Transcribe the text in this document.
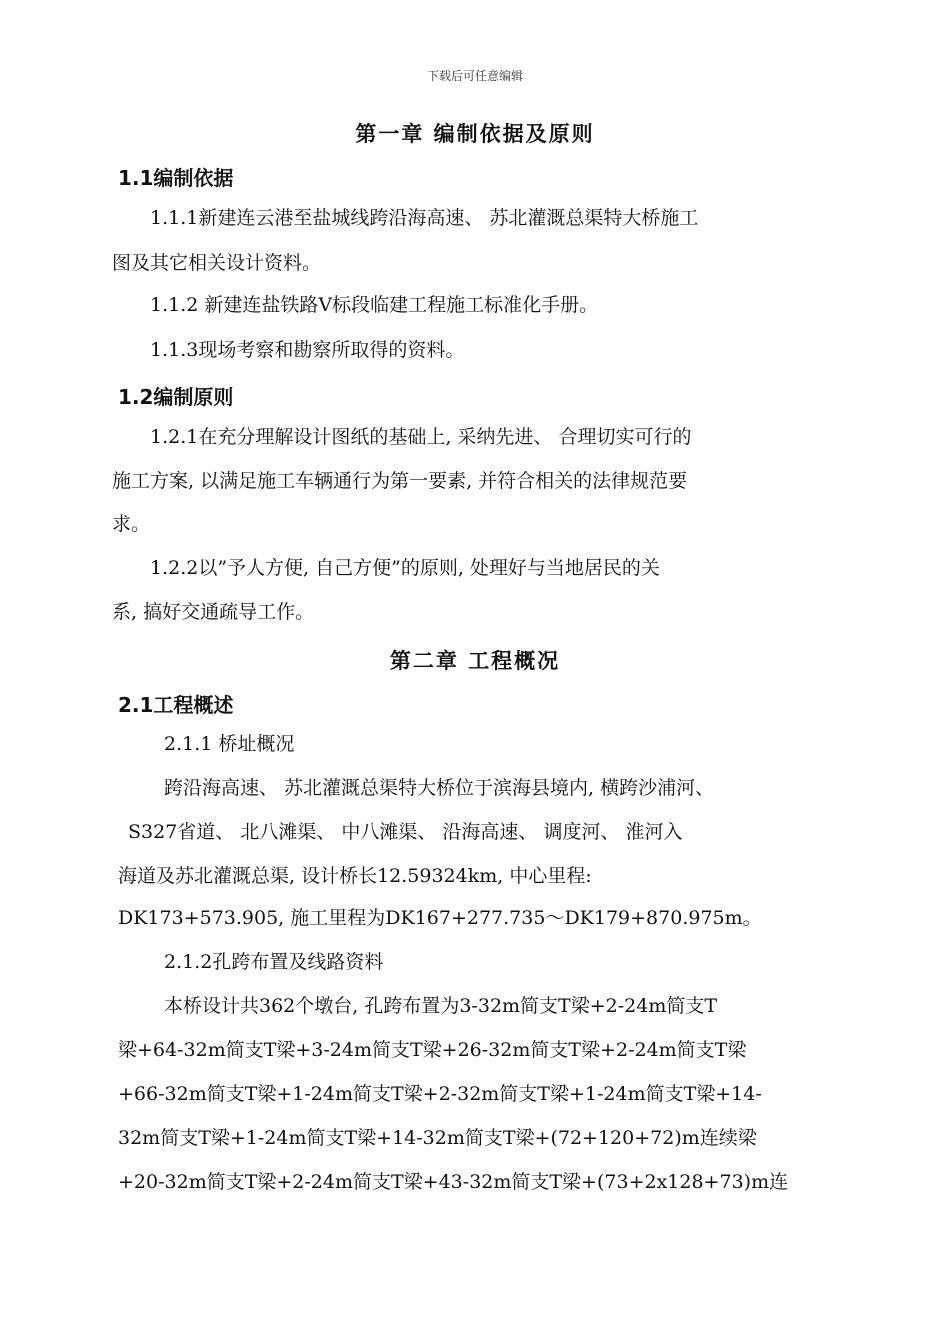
下载后可任意编辑
第一章 编制依据及原则
1.1编制依据
1.1.1新建连云港至盐城线跨沿海高速、 苏北灌溉总渠特大桥施工
图及其它相关设计资料。
1.1.2 新建连盐铁路Ⅴ标段临建工程施工标准化手册。
1.1.3现场考察和勘察所取得的资料。
1.2编制原则
1.2.1在充分理解设计图纸的基础上, 采纳先进、 合理切实可行的
施工方案, 以满足施工车辆通行为第一要素, 并符合相关的法律规范要
求。
1.2.2以”予人方便, 自己方便”的原则, 处理好与当地居民的关
系, 搞好交通疏导工作。
第二章 工程概况
2.1工程概述
2.1.1 桥址概况
跨沿海高速、 苏北灌溉总渠特大桥位于滨海县境内, 横跨沙浦河、
S327省道、 北八滩渠、 中八滩渠、 沿海高速、 调度河、 淮河入
海道及苏北灌溉总渠, 设计桥长12.59324km, 中心里程:
DK173+573.905, 施工里程为DK167+277.735～DK179+870.975m。
2.1.2孔跨布置及线路资料
本桥设计共362个墩台, 孔跨布置为3-32m简支T梁+2-24m简支T
梁+64-32m简支T梁+3-24m简支T梁+26-32m简支T梁+2-24m简支T梁
+66-32m简支T梁+1-24m简支T梁+2-32m简支T梁+1-24m简支T梁+14-
32m简支T梁+1-24m简支T梁+14-32m简支T梁+(72+120+72)m连续梁
+20-32m简支T梁+2-24m简支T梁+43-32m简支T梁+(73+2x128+73)m连
